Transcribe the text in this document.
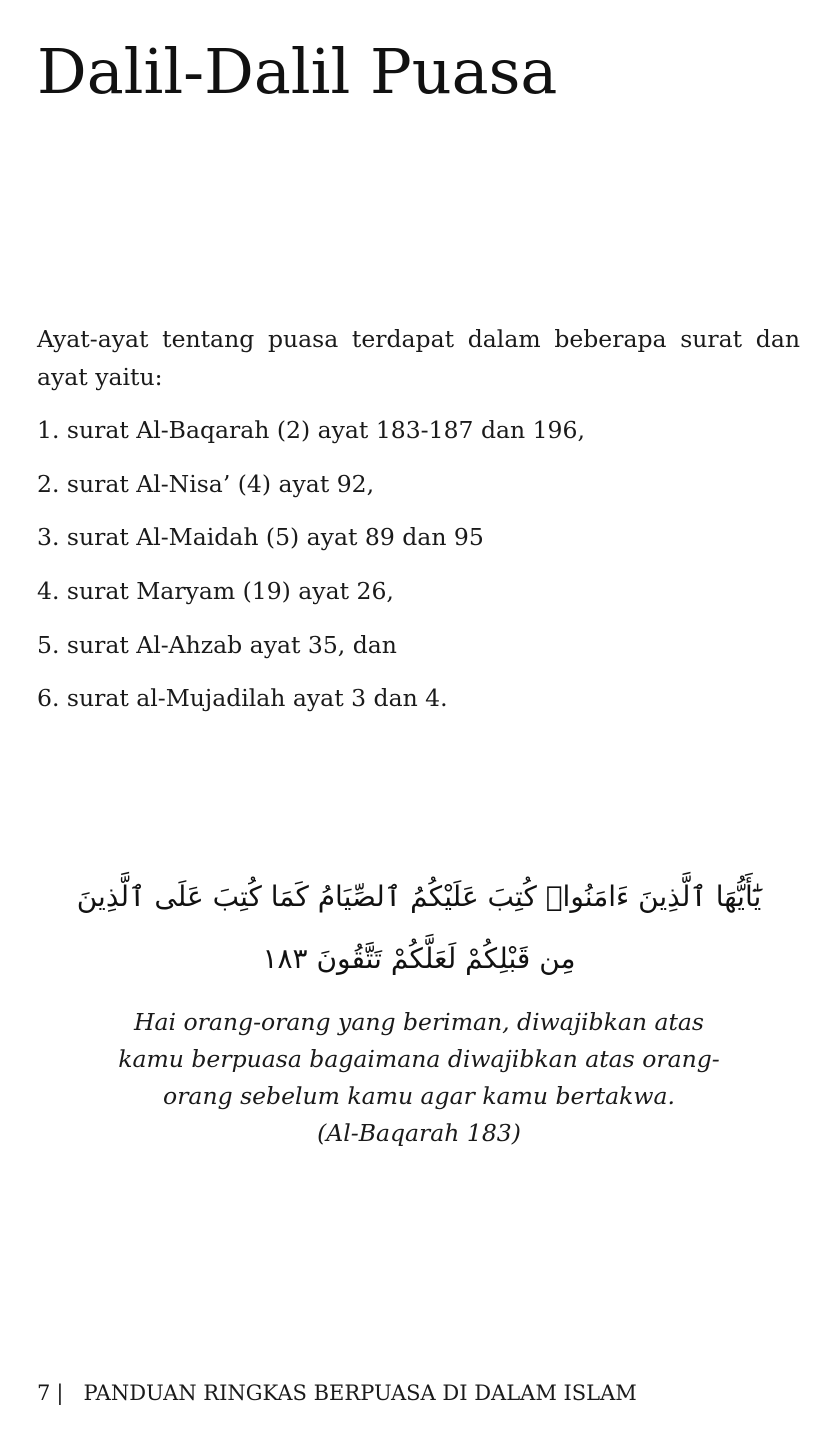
Dalil-Dalil Puasa

Ayat-ayat tentang puasa terdapat dalam beberapa surat dan ayat yaitu:

1. surat Al-Baqarah (2) ayat 183-187 dan 196,
2. surat Al-Nisa’ (4) ayat 92,
3. surat Al-Maidah (5) ayat 89 dan 95
4. surat Maryam (19) ayat 26,
5. surat Al-Ahzab ayat 35, dan
6. surat al-Mujadilah ayat 3 dan 4.

يَٰٓأَيُّهَا ٱلَّذِينَ ءَامَنُوا۟ كُتِبَ عَلَيْكُمُ ٱلصِّيَامُ كَمَا كُتِبَ عَلَى ٱلَّذِينَ مِن قَبْلِكُمْ لَعَلَّكُمْ تَتَّقُونَ ١٨٣

Hai orang-orang yang beriman, diwajibkan atas
kamu berpuasa bagaimana diwajibkan atas orang-
orang sebelum kamu agar kamu bertakwa.
(Al-Baqarah 183)
7 | PANDUAN RINGKAS BERPUASA DI DALAM ISLAM
